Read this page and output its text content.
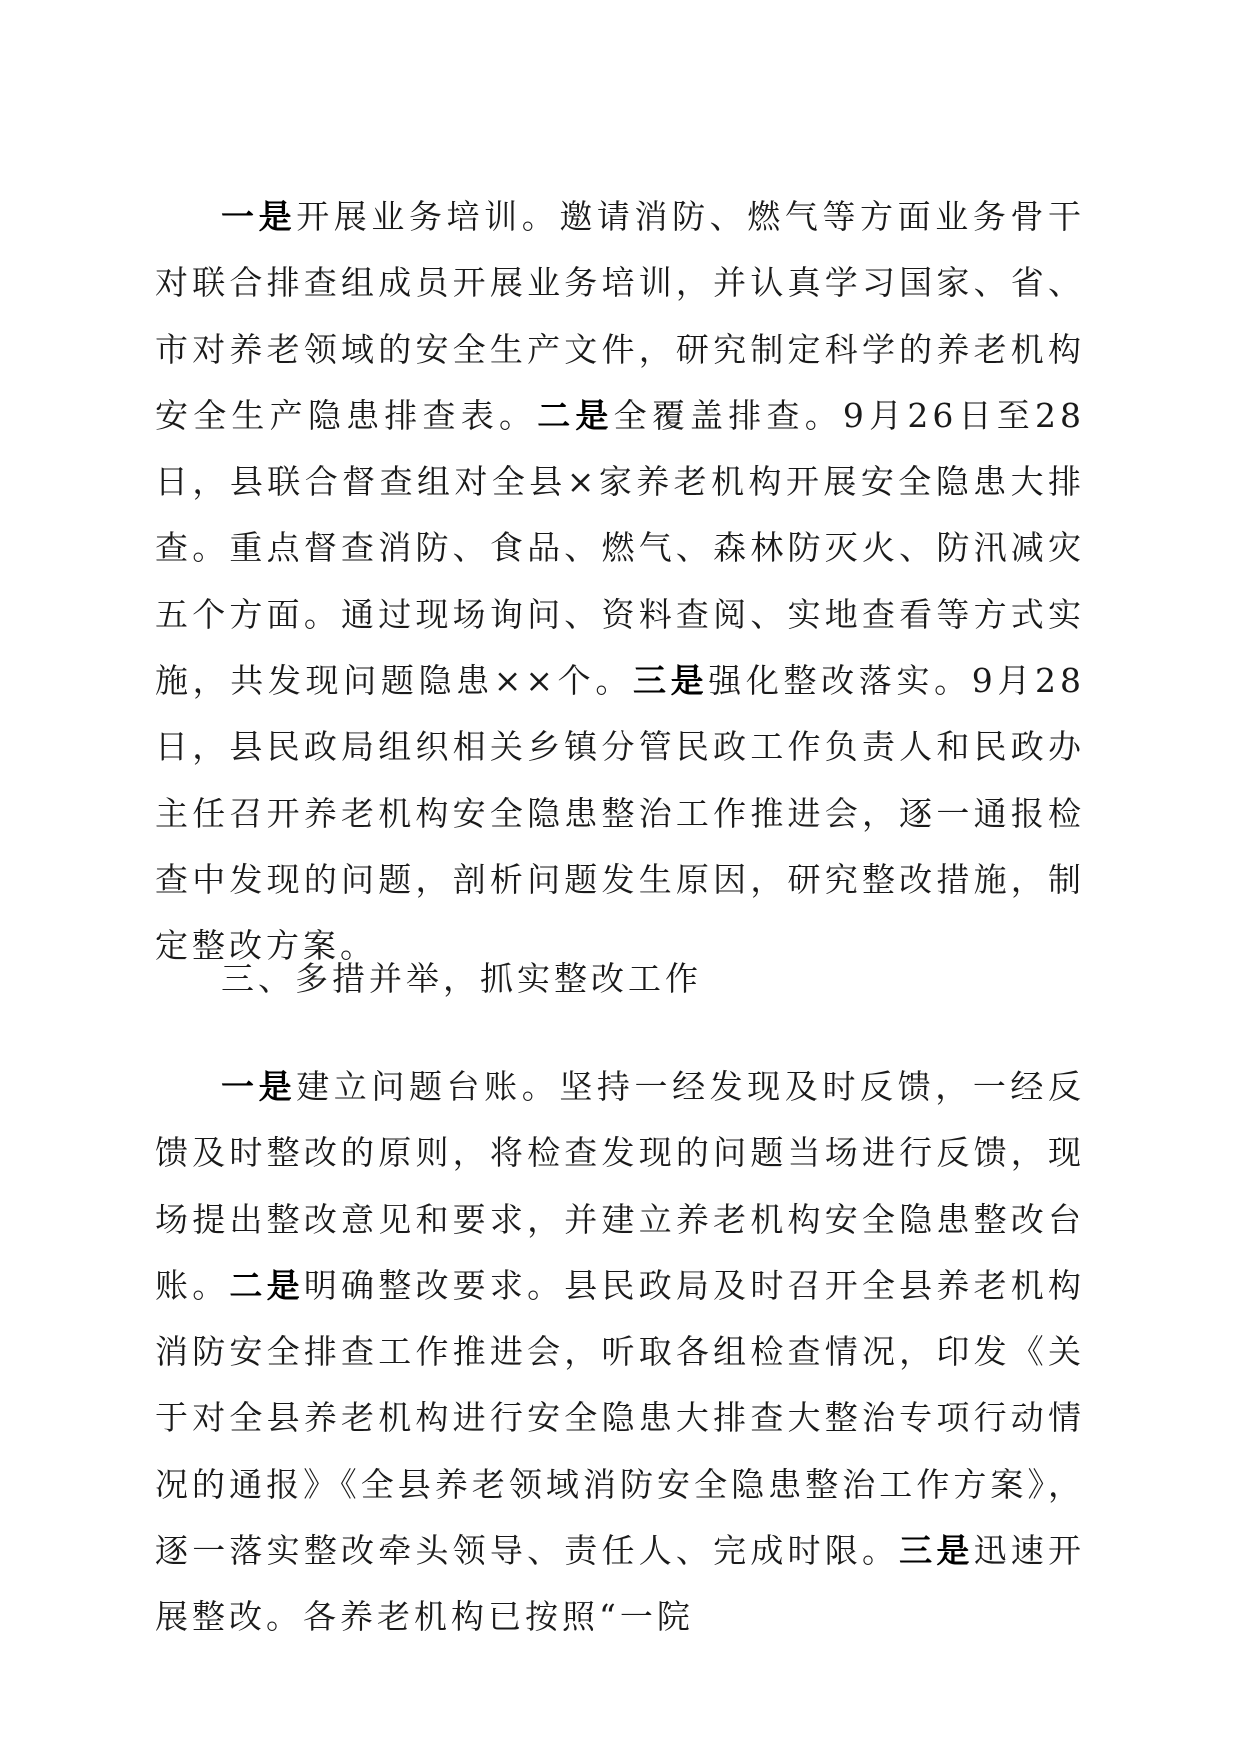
一是开展业务培训。邀请消防、燃气等方面业务骨干对联合排查组成员开展业务培训，并认真学习国家、省、市对养老领域的安全生产文件，研究制定科学的养老机构安全生产隐患排查表。二是全覆盖排查。9月26日至28日，县联合督查组对全县×家养老机构开展安全隐患大排查。重点督查消防、食品、燃气、森林防灭火、防汛减灾五个方面。通过现场询问、资料查阅、实地查看等方式实施，共发现问题隐患××个。三是强化整改落实。9月28日，县民政局组织相关乡镇分管民政工作负责人和民政办主任召开养老机构安全隐患整治工作推进会，逐一通报检查中发现的问题，剖析问题发生原因，研究整改措施，制定整改方案。

三、多措并举，抓实整改工作

一是建立问题台账。坚持一经发现及时反馈，一经反馈及时整改的原则，将检查发现的问题当场进行反馈，现场提出整改意见和要求，并建立养老机构安全隐患整改台账。二是明确整改要求。县民政局及时召开全县养老机构消防安全排查工作推进会，听取各组检查情况，印发《关于对全县养老机构进行安全隐患大排查大整治专项行动情况的通报》《全县养老领域消防安全隐患整治工作方案》，逐一落实整改牵头领导、责任人、完成时限。三是迅速开展整改。各养老机构已按照“一院
